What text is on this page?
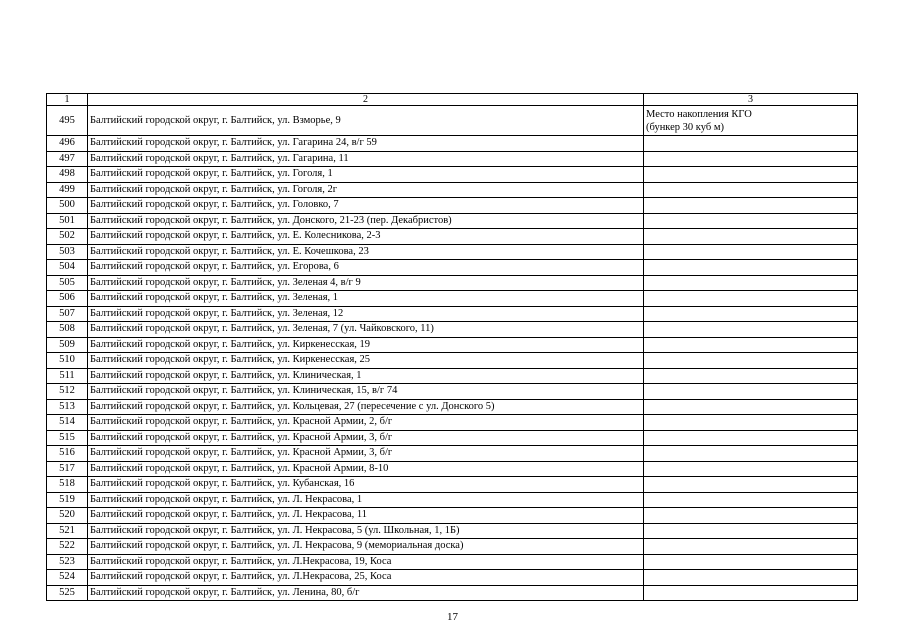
1	2	3
495	Балтийский городской округ, г. Балтийск, ул. Взморье, 9	Место накопления КГО
(бункер 30 куб м)
496	Балтийский городской округ, г. Балтийск, ул. Гагарина 24, в/г 59	
497	Балтийский городской округ, г. Балтийск, ул. Гагарина, 11	
498	Балтийский городской округ, г. Балтийск, ул. Гоголя, 1	
499	Балтийский городской округ, г. Балтийск, ул. Гоголя, 2г	
500	Балтийский городской округ, г. Балтийск, ул. Головко, 7	
501	Балтийский городской округ, г. Балтийск, ул. Донского, 21-23 (пер. Декабристов)	
502	Балтийский городской округ, г. Балтийск, ул. Е. Колесникова, 2-3	
503	Балтийский городской округ, г. Балтийск, ул. Е. Кочешкова, 23	
504	Балтийский городской округ, г. Балтийск, ул. Егорова, 6	
505	Балтийский городской округ, г. Балтийск, ул. Зеленая 4, в/г 9	
506	Балтийский городской округ, г. Балтийск, ул. Зеленая, 1	
507	Балтийский городской округ, г. Балтийск, ул. Зеленая, 12	
508	Балтийский городской округ, г. Балтийск, ул. Зеленая, 7 (ул. Чайковского, 11)	
509	Балтийский городской округ, г. Балтийск, ул. Киркенесская, 19	
510	Балтийский городской округ, г. Балтийск, ул. Киркенесская, 25	
511	Балтийский городской округ, г. Балтийск, ул. Клиническая, 1	
512	Балтийский городской округ, г. Балтийск, ул. Клиническая, 15, в/г 74	
513	Балтийский городской округ, г. Балтийск, ул. Кольцевая, 27 (пересечение с ул. Донского 5)	
514	Балтийский городской округ, г. Балтийск, ул. Красной Армии, 2, б/г	
515	Балтийский городской округ, г. Балтийск, ул. Красной Армии, 3, б/г	
516	Балтийский городской округ, г. Балтийск, ул. Красной Армии, 3, б/г	
517	Балтийский городской округ, г. Балтийск, ул. Красной Армии, 8-10	
518	Балтийский городской округ, г. Балтийск, ул. Кубанская, 16	
519	Балтийский городской округ, г. Балтийск, ул. Л. Некрасова, 1	
520	Балтийский городской округ, г. Балтийск, ул. Л. Некрасова, 11	
521	Балтийский городской округ, г. Балтийск, ул. Л. Некрасова, 5 (ул. Школьная, 1, 1Б)	
522	Балтийский городской округ, г. Балтийск, ул. Л. Некрасова, 9 (мемориальная доска)	
523	Балтийский городской округ, г. Балтийск, ул. Л.Некрасова, 19, Коса	
524	Балтийский городской округ, г. Балтийск, ул. Л.Некрасова, 25, Коса	
525	Балтийский городской округ, г. Балтийск, ул. Ленина, 80, б/г	
17
